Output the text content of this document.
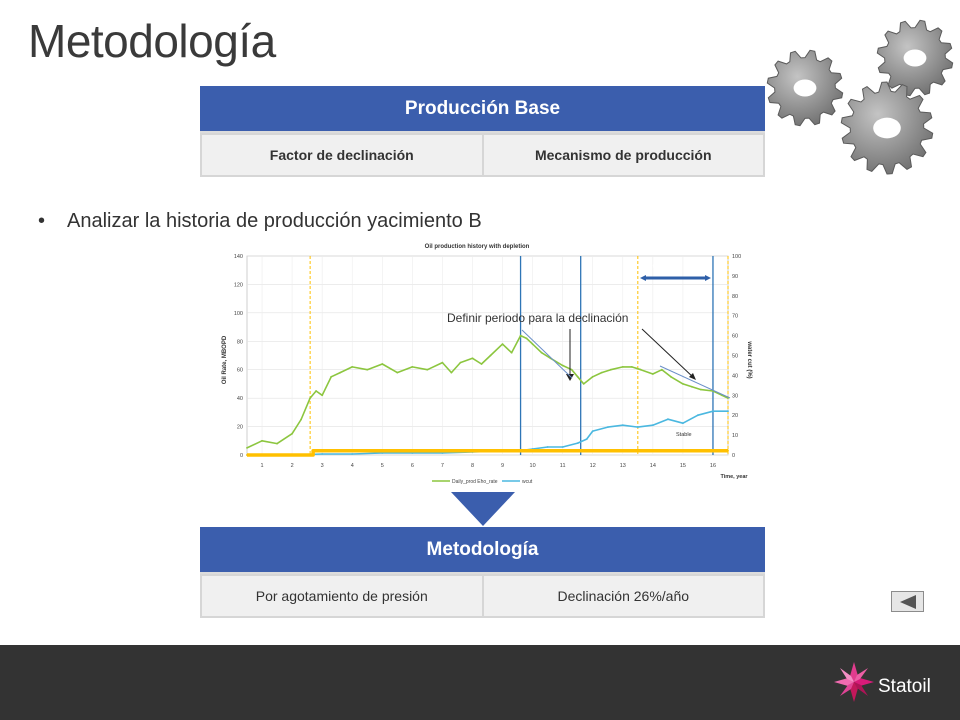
Metodología
Producción Base
Factor de declinación	Mecanismo de producción
• Analizar la historia de producción yacimiento B
Oil production history with depletion
Oil Rate, MBOPD	water cut (%)
Time, year
0
20
40
60
80
100
120
140
0
10
20
30
40
50
60
70
80
90
100
1	2	3	4	5	6	7	8	9	10	11	12	13	14	15	16
Stable
Stable
Definir periodo para la declinación
Daily_prod Eho_rate	wcut
Metodología
Por agotamiento de presión	Declinación 26%/año
Statoil
